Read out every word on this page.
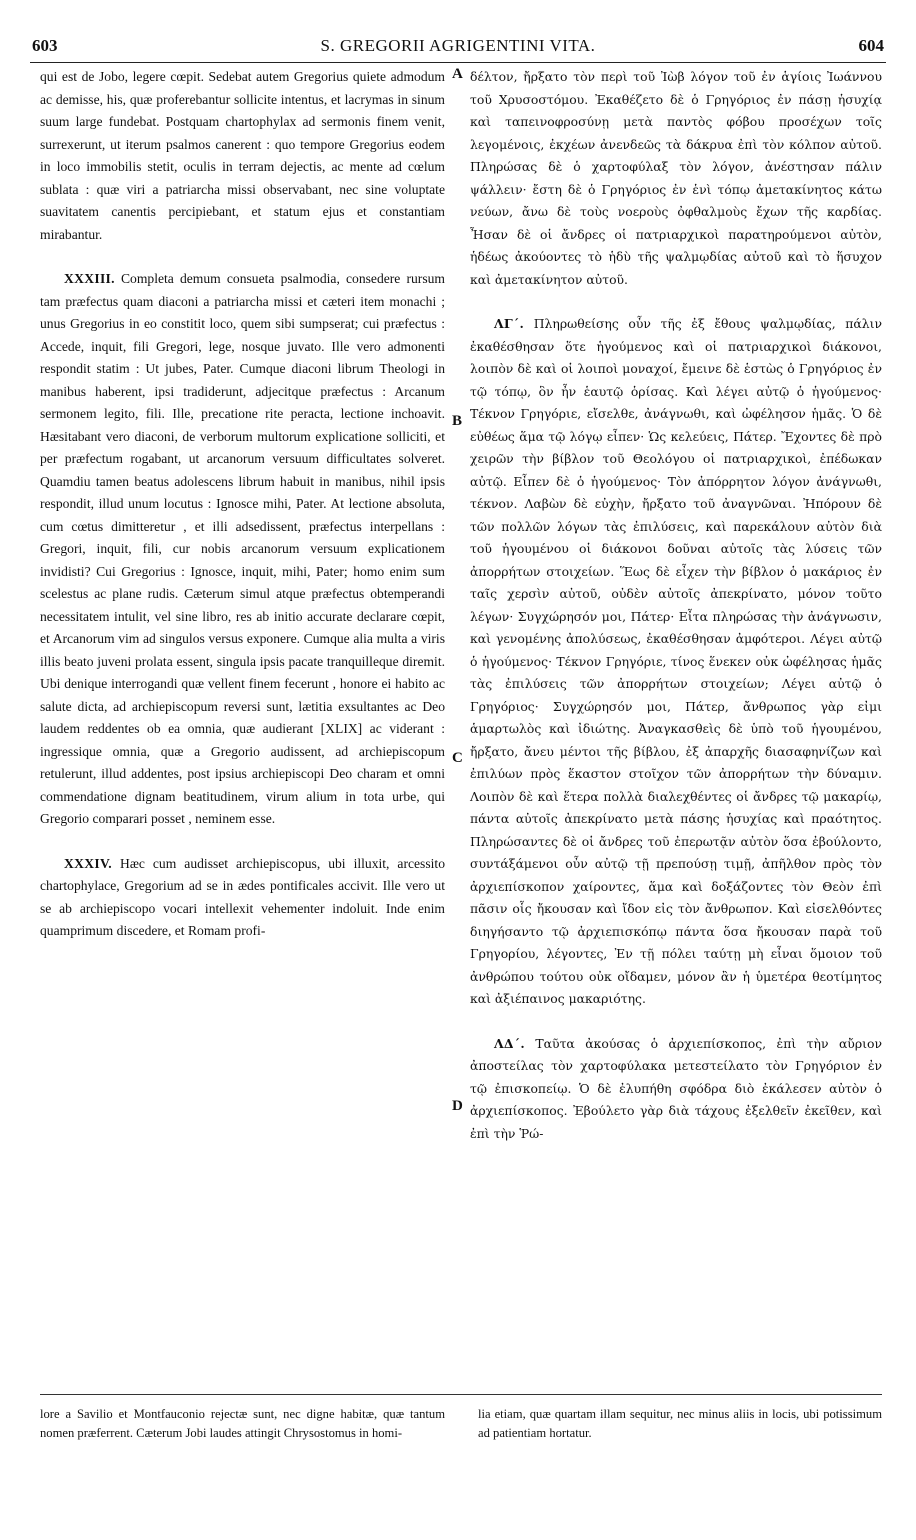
603	S. GREGORII AGRIGENTINI VITA.	604

qui est de Jobo, legere cœpit. Sedebat autem Gregorius quiete admodum ac demisse, his, quæ proferebantur sollicite intentus, et lacrymas in sinum suum large fundebat. Postquam chartophylax ad sermonis finem venit, surrexerunt, ut iterum psalmos canerent : quo tempore Gregorius eodem in loco immobilis stetit, oculis in terram dejectis, ac mente ad cœlum sublata : quæ viri a patriarcha missi observabant, nec sine voluptate suavitatem canentis percipiebant, et statum ejus et constantiam mirabantur.

XXXIII. Completa demum consueta psalmodia, consedere rursum tam præfectus quam diaconi a patriarcha missi et cæteri item monachi ; unus Gregorius in eo constitit loco, quem sibi sumpserat; cui præfectus : Accede, inquit, fili Gregori, lege, nosque juvato. Ille vero admonenti respondit statim : Ut jubes, Pater. Cumque diaconi librum Theologi in manibus haberent, ipsi tradiderunt, adjecitque præfectus : Arcanum sermonem legito, fili. Ille, precatione rite peracta, lectione inchoavit. Hæsitabant vero diaconi, de verborum multorum explicatione solliciti, et per præfectum rogabant, ut arcanorum versuum difficultates solveret. Quamdiu tamen beatus adolescens librum habuit in manibus, nihil ipsis respondit, illud unum locutus : Ignosce mihi, Pater. At lectione absoluta, cum cœtus dimitteretur , et illi adsedissent, præfectus interpellans : Gregori, inquit, fili, cur nobis arcanorum versuum explicationem invidisti? Cui Gregorius : Ignosce, inquit, mihi, Pater; homo enim sum scelestus ac plane rudis. Cæterum simul atque præfectus obtemperandi necessitatem intulit, vel sine libro, res ab initio accurate declarare cœpit, et Arcanorum vim ad singulos versus exponere. Cumque alia multa a viris illis beato juveni prolata essent, singula ipsis pacate tranquilleque diremit. Ubi denique interrogandi quæ vellent finem fecerunt , honore ei habito ac salute dicta, ad archiepiscopum reversi sunt, lætitia exsultantes ac Deo laudem reddentes ob ea omnia, quæ audierant [XLIX] ac viderant : ingressique omnia, quæ a Gregorio audissent, ad archiepiscopum retulerunt, illud addentes, post ipsius archiepiscopi Deo charam et omni commendatione dignam beatitudinem, virum alium in tota urbe, qui Gregorio comparari posset , neminem esse.

XXXIV. Hæc cum audisset archiepiscopus, ubi illuxit, arcessito chartophylace, Gregorium ad se in ædes pontificales accivit. Ille vero ut se ab archiepiscopo vocari intellexit vehementer indoluit. Inde enim quamprimum discedere, et Romam profi-

A
B
C
D

δέλτον, ἤρξατο τὸν περὶ τοῦ Ἰὼβ λόγον τοῦ ἐν ἁγίοις Ἰωάννου τοῦ Χρυσοστόμου. Ἐκαθέζετο δὲ ὁ Γρηγόριος ἐν πάσῃ ἡσυχίᾳ καὶ ταπεινοφροσύνῃ μετὰ παντὸς φόβου προσέχων τοῖς λεγομένοις, ἐκχέων ἀνενδεῶς τὰ δάκρυα ἐπὶ τὸν κόλπον αὐτοῦ. Πληρώσας δὲ ὁ χαρτοφύλαξ τὸν λόγον, ἀνέστησαν πάλιν ψάλλειν· ἔστη δὲ ὁ Γρηγόριος ἐν ἑνὶ τόπῳ ἀμετακίνητος κάτω νεύων, ἄνω δὲ τοὺς νοεροὺς ὀφθαλμοὺς ἔχων τῆς καρδίας. Ἦσαν δὲ οἱ ἄνδρες οἱ πατριαρχικοὶ παρατηρούμενοι αὐτὸν, ἡδέως ἀκούοντες τὸ ἡδὺ τῆς ψαλμῳδίας αὐτοῦ καὶ τὸ ἥσυχον καὶ ἀμετακίνητον αὐτοῦ.

ΛΓ΄. Πληρωθείσης οὖν τῆς ἐξ ἔθους ψαλμῳδίας, πάλιν ἐκαθέσθησαν ὅτε ἡγούμενος καὶ οἱ πατριαρχικοὶ διάκονοι, λοιπὸν δὲ καὶ οἱ λοιποὶ μοναχοί, ἔμεινε δὲ ἑστὼς ὁ Γρηγόριος ἐν τῷ τόπῳ, ὃν ἦν ἑαυτῷ ὁρίσας. Καὶ λέγει αὐτῷ ὁ ἡγούμενος· Τέκνον Γρηγόριε, εἴσελθε, ἀνάγνωθι, καὶ ὠφέλησον ἡμᾶς. Ὁ δὲ εὐθέως ἅμα τῷ λόγῳ εἶπεν· Ὡς κελεύεις, Πάτερ. Ἔχοντες δὲ πρὸ χειρῶν τὴν βίβλον τοῦ Θεολόγου οἱ πατριαρχικοὶ, ἐπέδωκαν αὐτῷ. Εἶπεν δὲ ὁ ἡγούμενος· Τὸν ἀπόρρητον λόγον ἀνάγνωθι, τέκνον. Λαβὼν δὲ εὐχὴν, ἤρξατο τοῦ ἀναγνῶναι. Ἠπόρουν δὲ τῶν πολλῶν λόγων τὰς ἐπιλύσεις, καὶ παρεκάλουν αὐτὸν διὰ τοῦ ἡγουμένου οἱ διάκονοι δοῦναι αὐτοῖς τὰς λύσεις τῶν ἀπορρήτων στοιχείων. Ἕως δὲ εἶχεν τὴν βίβλον ὁ μακάριος ἐν ταῖς χερσὶν αὐτοῦ, οὐδὲν αὐτοῖς ἀπεκρίνατο, μόνον τοῦτο λέγων· Συγχώρησόν μοι, Πάτερ· Εἶτα πληρώσας τὴν ἀνάγνωσιν, καὶ γενομένης ἀπολύσεως, ἐκαθέσθησαν ἀμφότεροι. Λέγει αὐτῷ ὁ ἡγούμενος· Τέκνον Γρηγόριε, τίνος ἕνεκεν οὐκ ὠφέλησας ἡμᾶς τὰς ἐπιλύσεις τῶν ἀπορρήτων στοιχείων; Λέγει αὐτῷ ὁ Γρηγόριος· Συγχώρησόν μοι, Πάτερ, ἄνθρωπος γὰρ εἰμι ἁμαρτωλὸς καὶ ἰδιώτης. Ἀναγκασθεὶς δὲ ὑπὸ τοῦ ἡγουμένου, ἤρξατο, ἄνευ μέντοι τῆς βίβλου, ἐξ ἀπαρχῆς διασαφηνίζων καὶ ἐπιλύων πρὸς ἕκαστον στοῖχον τῶν ἀπορρήτων τὴν δύναμιν. Λοιπὸν δὲ καὶ ἕτερα πολλὰ διαλεχθέντες οἱ ἄνδρες τῷ μακαρίῳ, πάντα αὐτοῖς ἀπεκρίνατο μετὰ πάσης ἡσυχίας καὶ πραότητος. Πληρώσαντες δὲ οἱ ἄνδρες τοῦ ἐπερωτᾷν αὐτὸν ὅσα ἐβούλοντο, συντάξάμενοι οὖν αὐτῷ τῇ πρεπούσῃ τιμῇ, ἀπῆλθον πρὸς τὸν ἀρχιεπίσκοπον χαίροντες, ἅμα καὶ δοξάζοντες τὸν Θεὸν ἐπὶ πᾶσιν οἷς ἤκουσαν καὶ ἴδον εἰς τὸν ἄνθρωπον. Καὶ εἰσελθόντες διηγήσαντο τῷ ἀρχιεπισκόπῳ πάντα ὅσα ἤκουσαν παρὰ τοῦ Γρηγορίου, λέγοντες, Ἐν τῇ πόλει ταύτῃ μὴ εἶναι ὅμοιον τοῦ ἀνθρώπου τούτου οὐκ οἴδαμεν, μόνον ἂν ἡ ὑμετέρα θεοτίμητος καὶ ἀξιέπαινος μακαριότης.

ΛΔ΄. Ταῦτα ἀκούσας ὁ ἀρχιεπίσκοπος, ἐπὶ τὴν αὔριον ἀποστείλας τὸν χαρτοφύλακα μετεστείλατο τὸν Γρηγόριον ἐν τῷ ἐπισκοπείῳ. Ὁ δὲ ἐλυπήθη σφόδρα διὸ ἐκάλεσεν αὐτὸν ὁ ἀρχιεπίσκοπος. Ἐβούλετο γὰρ διὰ τάχους ἐξελθεῖν ἐκεῖθεν, καὶ ἐπὶ τὴν Ῥώ-

lore a Savilio et Montfauconio rejectæ sunt, nec digne habitæ, quæ tantum nomen præferrent. Cæterum Jobi laudes attingit Chrysostomus in homi-
lia etiam, quæ quartam illam sequitur, nec minus aliis in locis, ubi potissimum ad patientiam hortatur.
